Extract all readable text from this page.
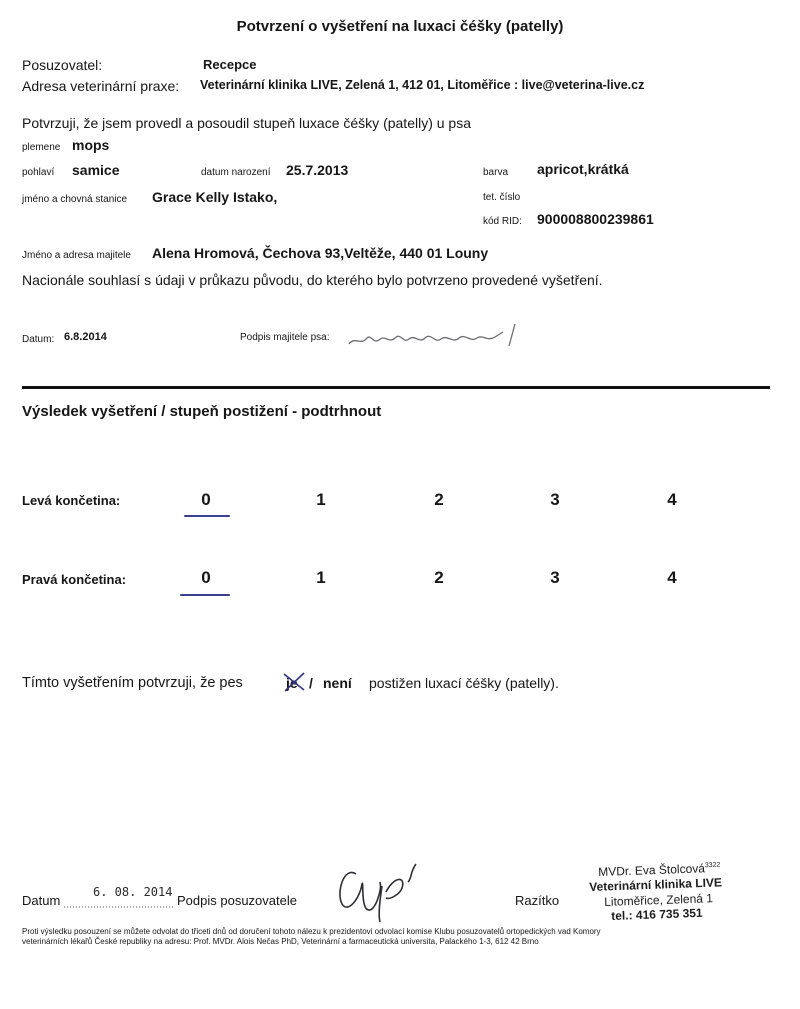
Potvrzení o vyšetření na luxaci čéšky (patelly)
Posuzovatel:	Recepce
Adresa veterinární praxe: Veterinární klinika LIVE, Zelená 1, 412 01, Litoměřice : live@veterina-live.cz
Potvrzuji, že jsem provedl a posoudil stupeň luxace čéšky (patelly) u psa
plemene mops
pohlaví samice	datum narození 25.7.2013	barva apricot,krátká
jméno a chovná stanice Grace Kelly Istako,	tet. číslo
kód RID: 900008800239861
Jméno a adresa majitele Alena Hromová, Čechova 93,Veltěže, 440 01 Louny
Nacionále souhlasí s údaji v průkazu původu, do kterého bylo potvrzeno provedené vyšetření.
Datum: 6.8.2014	Podpis majitele psa:
Výsledek vyšetření / stupeň postižení - podtrhnout
Levá končetina:	0	1	2	3	4
Pravá končetina:	0	1	2	3	4
Tímto vyšetřením potvrzuji, že pes	je / není postižen luxací čéšky (patelly).
Datum
6. 08. 2014
Podpis posuzovatele	Razítko
MVDr. Eva Štolcová$^{3322}$
Veterinární klinika LIVE
Litoměřice, Zelená 1
tel.: 416 735 351
Proti výsledku posouzení se můžete odvolat do třiceti dnů od doručení tohoto nálezu k prezidentovi odvolací komise Klubu posuzovatelů ortopedických vad Komory
veterinárních lékařů České republiky na adresu: Prof. MVDr. Alois Nečas PhD, Veterinární a farmaceutická universita, Palackého 1-3, 612 42 Brno
